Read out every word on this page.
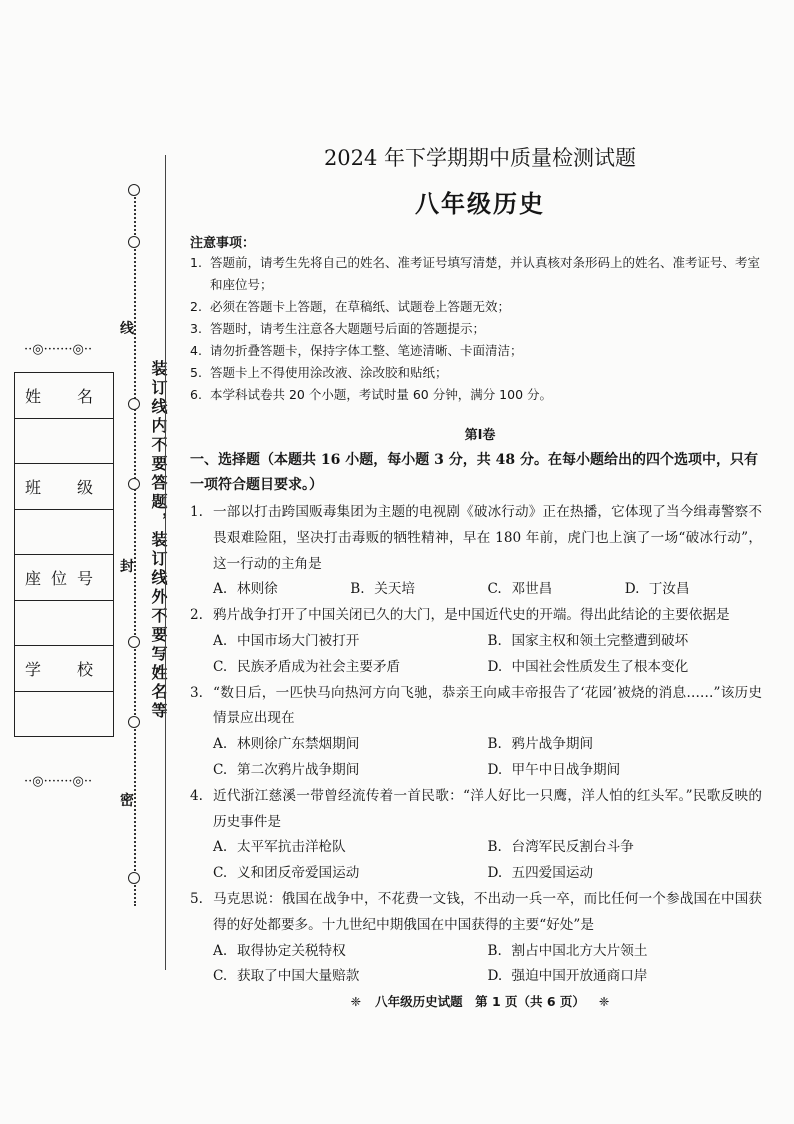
线
封
密
装订线内不要答题，装订线外不要写姓名等
··◎·······◎··
姓　名

班　级

座位号

学　校

··◎·······◎··
2024 年下学期期中质量检测试题
八年级历史
注意事项：
1. 答题前，请考生先将自己的姓名、准考证号填写清楚，并认真核对条形码上的姓名、准考证号、考室和座位号；
2. 必须在答题卡上答题，在草稿纸、试题卷上答题无效；
3. 答题时，请考生注意各大题题号后面的答题提示；
4. 请勿折叠答题卡，保持字体工整、笔迹清晰、卡面清洁；
5. 答题卡上不得使用涂改液、涂改胶和贴纸；
6. 本学科试卷共 20 个小题，考试时量 60 分钟，满分 100 分。
第Ⅰ卷
一、选择题（本题共 16 小题，每小题 3 分，共 48 分。在每小题给出的四个选项中，只有一项符合题目要求。）
1. 一部以打击跨国贩毒集团为主题的电视剧《破冰行动》正在热播，它体现了当今缉毒警察不畏艰难险阻，坚决打击毒贩的牺牲精神，早在 180 年前，虎门也上演了一场“破冰行动”，这一行动的主角是
A. 林则徐	B. 关天培	C. 邓世昌	D. 丁汝昌
2. 鸦片战争打开了中国关闭已久的大门，是中国近代史的开端。得出此结论的主要依据是
A. 中国市场大门被打开	B. 国家主权和领土完整遭到破坏
C. 民族矛盾成为社会主要矛盾	D. 中国社会性质发生了根本变化
3. “数日后，一匹快马向热河方向飞驰，恭亲王向咸丰帝报告了‘花园’被烧的消息……”该历史情景应出现在
A. 林则徐广东禁烟期间	B. 鸦片战争期间
C. 第二次鸦片战争期间	D. 甲午中日战争期间
4. 近代浙江慈溪一带曾经流传着一首民歌：“洋人好比一只鹰，洋人怕的红头军。”民歌反映的历史事件是
A. 太平军抗击洋枪队	B. 台湾军民反割台斗争
C. 义和团反帝爱国运动	D. 五四爱国运动
5. 马克思说：俄国在战争中，不花费一文钱，不出动一兵一卒，而比任何一个参战国在中国获得的好处都要多。十九世纪中期俄国在中国获得的主要“好处”是
A. 取得协定关税特权	B. 割占中国北方大片领土
C. 获取了中国大量赔款	D. 强迫中国开放通商口岸
❈ 八年级历史试题　第 1 页（共 6 页） ❈
